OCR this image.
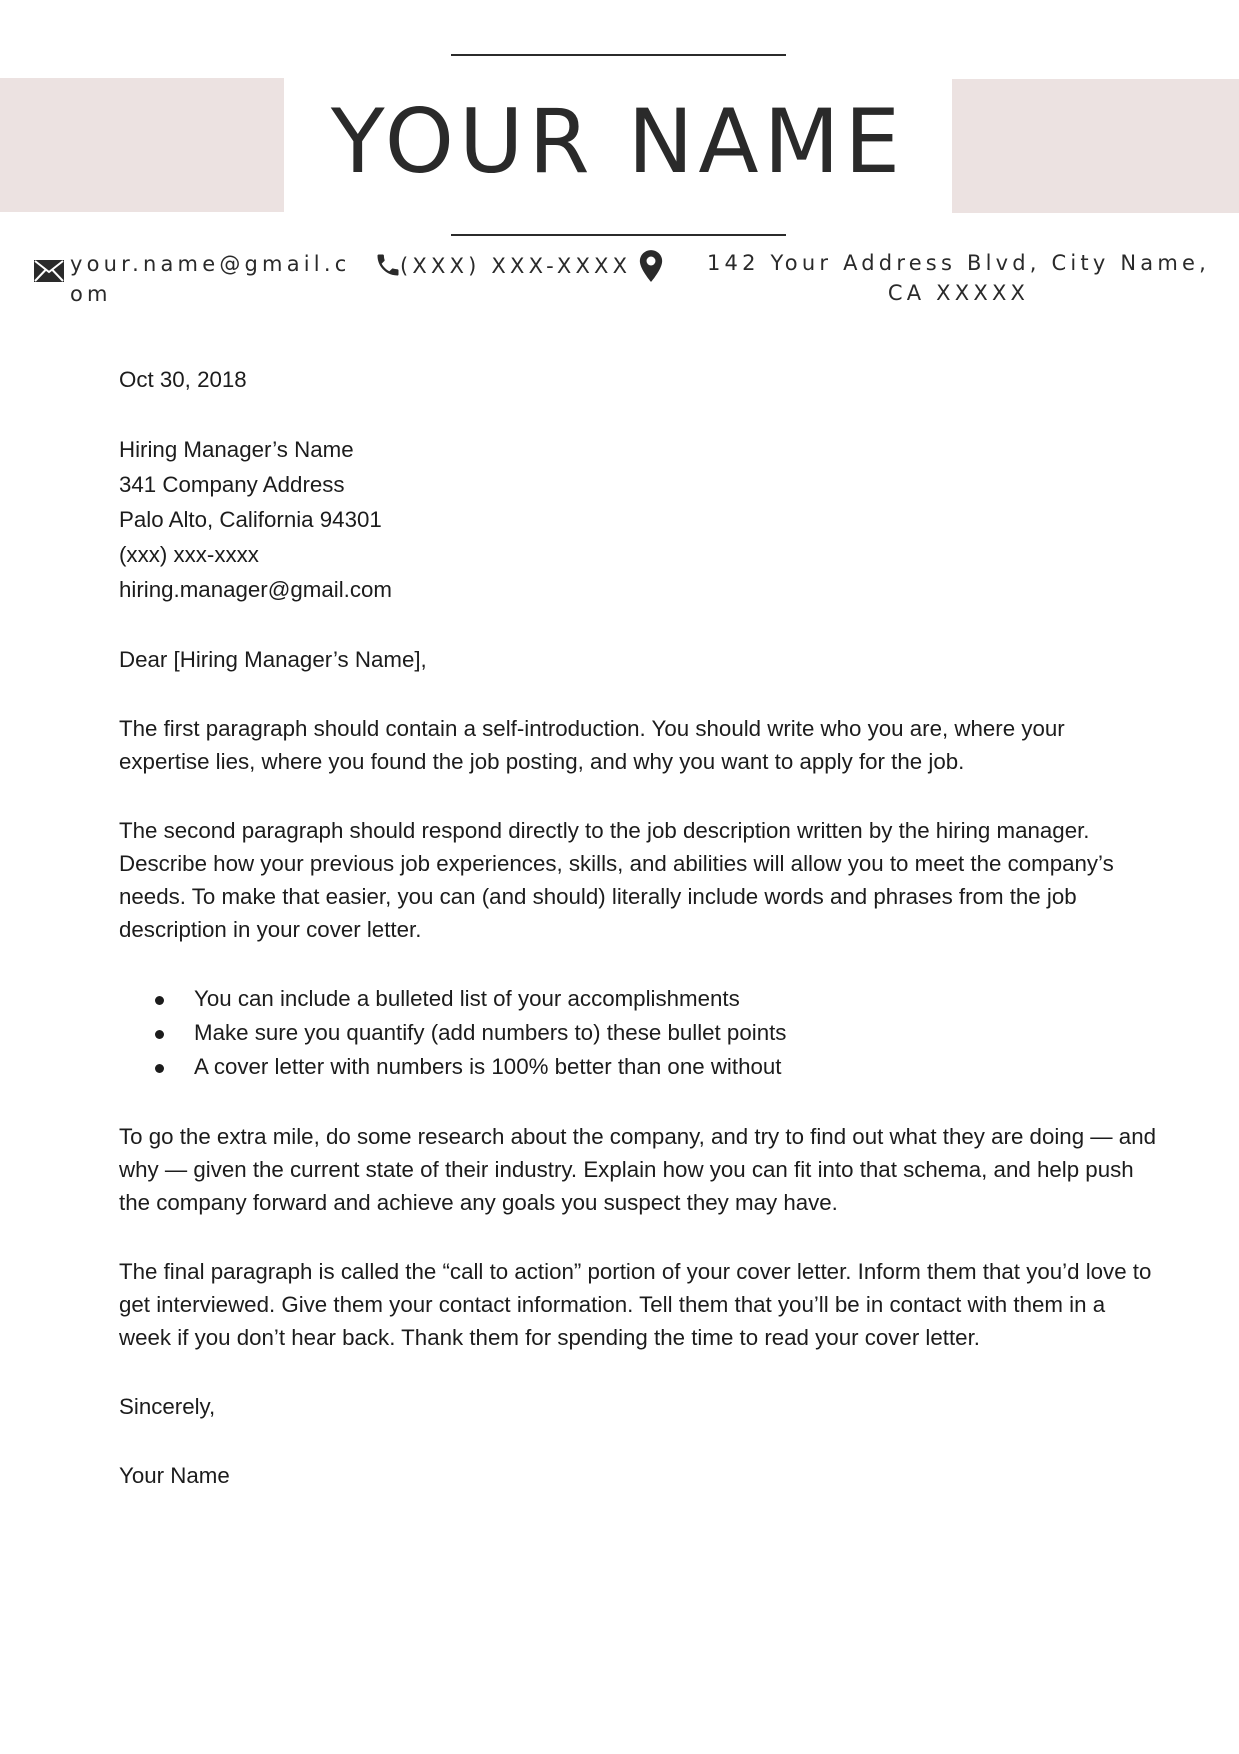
YOUR NAME
your.name@gmail.com
(XXX) XXX-XXXX	142 Your Address Blvd, City Name, CA XXXXX

Oct 30, 2018

Hiring Manager’s Name
341 Company Address
Palo Alto, California 94301
(xxx) xxx-xxxx
hiring.manager@gmail.com

Dear [Hiring Manager’s Name],

The first paragraph should contain a self-introduction. You should write who you are, where your expertise lies, where you found the job posting, and why you want to apply for the job.

The second paragraph should respond directly to the job description written by the hiring manager. Describe how your previous job experiences, skills, and abilities will allow you to meet the company’s needs. To make that easier, you can (and should) literally include words and phrases from the job description in your cover letter.

You can include a bulleted list of your accomplishments
Make sure you quantify (add numbers to) these bullet points
A cover letter with numbers is 100% better than one without

To go the extra mile, do some research about the company, and try to find out what they are doing — and why — given the current state of their industry. Explain how you can fit into that schema, and help push the company forward and achieve any goals you suspect they may have.

The final paragraph is called the “call to action” portion of your cover letter. Inform them that you’d love to get interviewed. Give them your contact information. Tell them that you’ll be in contact with them in a week if you don’t hear back. Thank them for spending the time to read your cover letter.

Sincerely,

Your Name
